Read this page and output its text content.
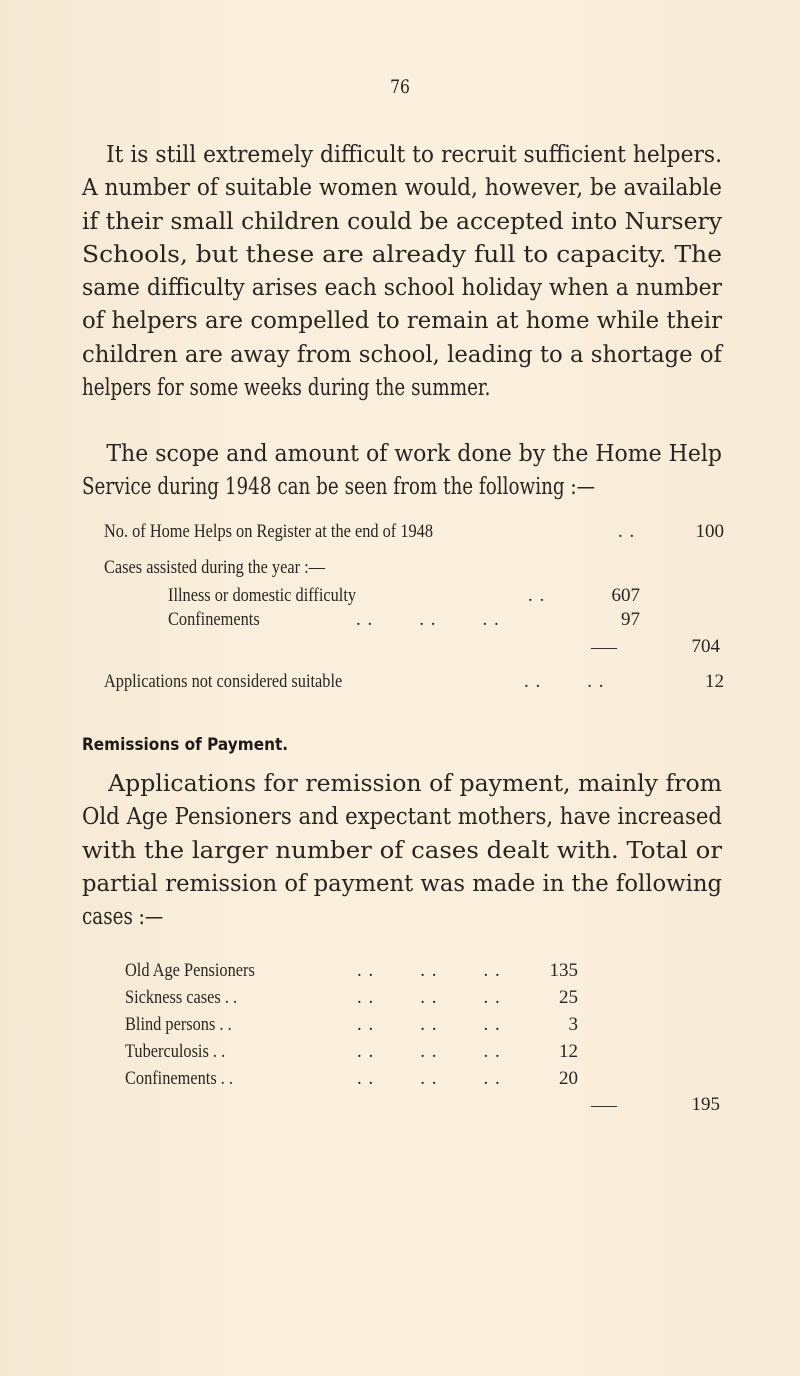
76
It is still extremely difficult to recruit sufficient helpers.
A number of suitable women would, however, be available
if their small children could be accepted into Nursery
Schools, but these are already full to capacity. The
same difficulty arises each school holiday when a number
of helpers are compelled to remain at home while their
children are away from school, leading to a shortage of
helpers for some weeks during the summer.
The scope and amount of work done by the Home Help
Service during 1948 can be seen from the following :—
No. of Home Helps on Register at the end of 1948	. .	100
Cases assisted during the year :—
Illness or domestic difficulty	. .	607
Confinements	. .        . .        . .	97
704
Applications not considered suitable	. .        . .	12
Remissions of Payment.
Applications for remission of payment, mainly from
Old Age Pensioners and expectant mothers, have increased
with the larger number of cases dealt with. Total or
partial remission of payment was made in the following
cases :—
Old Age Pensioners	. .        . .        . .	135
Sickness cases . .	. .        . .        . .	25
Blind persons . .	. .        . .        . .	3
Tuberculosis . .	. .        . .        . .	12
Confinements . .	. .        . .        . .	20
195
